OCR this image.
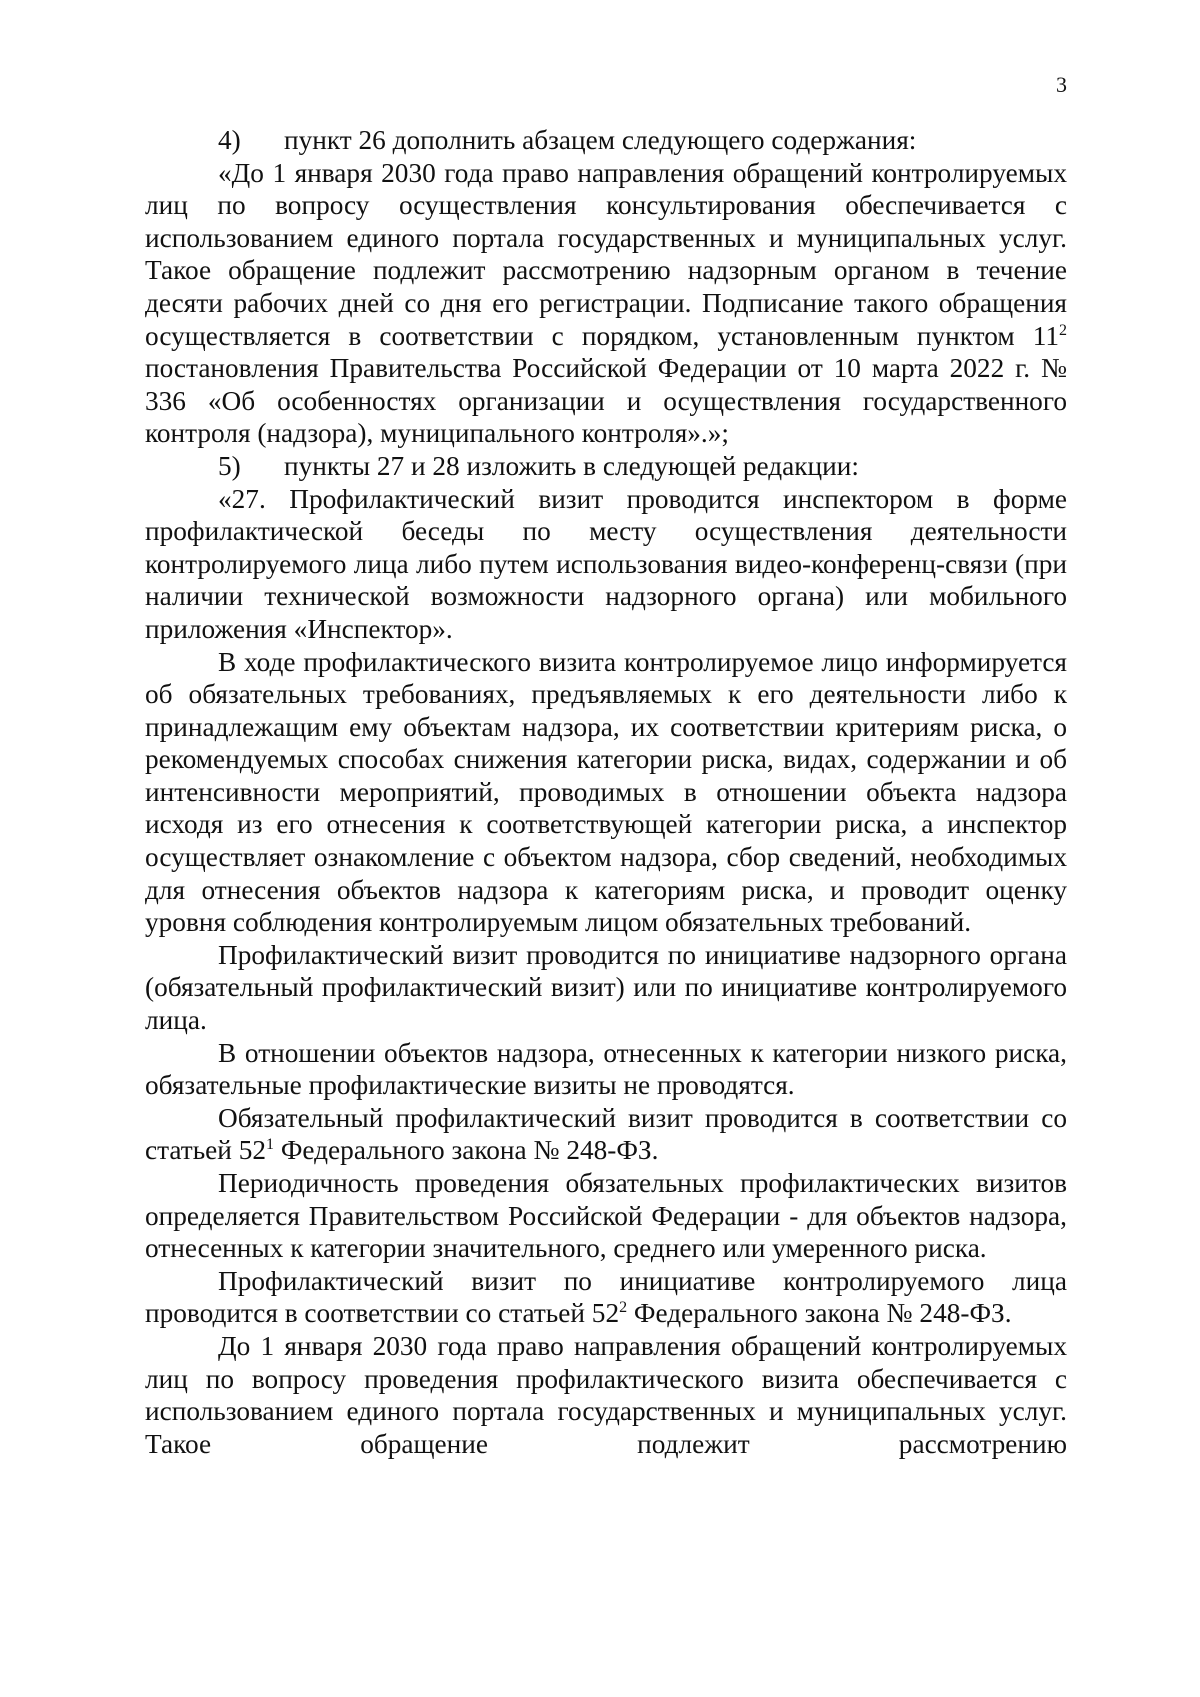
3

4)	пункт 26 дополнить абзацем следующего содержания:

«До 1 января 2030 года право направления обращений контролируемых лиц по вопросу осуществления консультирования обеспечивается с использованием единого портала государственных и муниципальных услуг. Такое обращение подлежит рассмотрению надзорным органом в течение десяти рабочих дней со дня его регистрации. Подписание такого обращения осуществляется в соответствии с порядком, установленным пунктом $11^2$ постановления Правительства Российской Федерации от 10 марта 2022 г. № 336 «Об особенностях организации и осуществления государственного контроля (надзора), муниципального контроля».»;

5)	пункты 27 и 28 изложить в следующей редакции:

«27. Профилактический визит проводится инспектором в форме профилактической беседы по месту осуществления деятельности контролируемого лица либо путем использования видео-конференц-связи (при наличии технической возможности надзорного органа) или мобильного приложения «Инспектор».

В ходе профилактического визита контролируемое лицо информируется об обязательных требованиях, предъявляемых к его деятельности либо к принадлежащим ему объектам надзора, их соответствии критериям риска, о рекомендуемых способах снижения категории риска, видах, содержании и об интенсивности мероприятий, проводимых в отношении объекта надзора исходя из его отнесения к соответствующей категории риска, а инспектор осуществляет ознакомление с объектом надзора, сбор сведений, необходимых для отнесения объектов надзора к категориям риска, и проводит оценку уровня соблюдения контролируемым лицом обязательных требований.

Профилактический визит проводится по инициативе надзорного органа (обязательный профилактический визит) или по инициативе контролируемого лица.

В отношении объектов надзора, отнесенных к категории низкого риска, обязательные профилактические визиты не проводятся.

Обязательный профилактический визит проводится в соответствии со статьей $52^1$ Федерального закона № 248-ФЗ.

Периодичность проведения обязательных профилактических визитов определяется Правительством Российской Федерации - для объектов надзора, отнесенных к категории значительного, среднего или умеренного риска.

Профилактический визит по инициативе контролируемого лица проводится в соответствии со статьей $52^2$ Федерального закона № 248-ФЗ.

До 1 января 2030 года право направления обращений контролируемых лиц по вопросу проведения профилактического визита обеспечивается с использованием единого портала государственных и муниципальных услуг. Такое обращение подлежит рассмотрению
